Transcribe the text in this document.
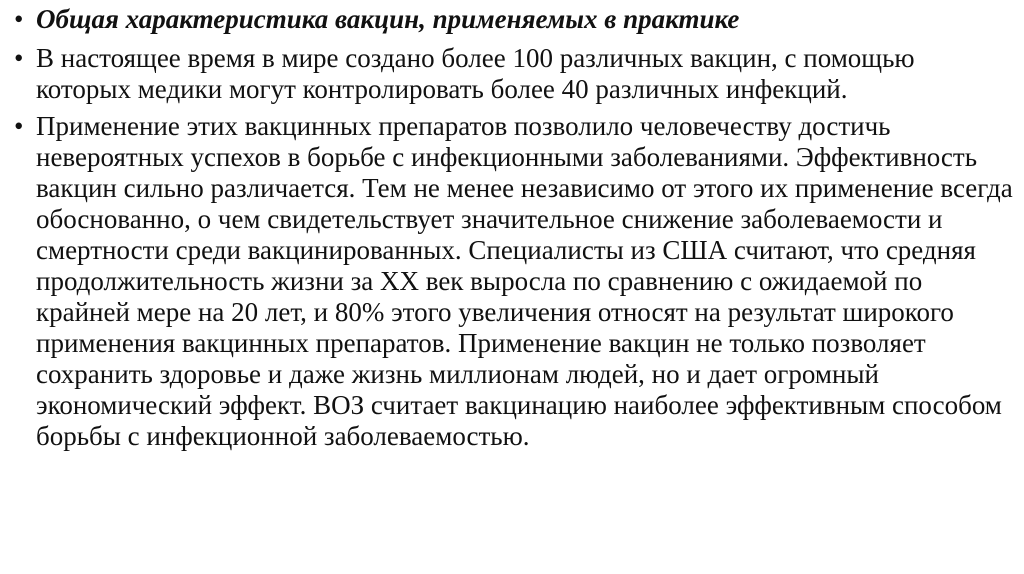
• Общая характеристика вакцин, применяемых в практике
• В настоящее время в мире создано более 100 различных вакцин, с помощью которых медики могут контролировать более 40 различных инфекций.
• Применение этих вакцинных препаратов позволило человечеству достичь невероятных успехов в борьбе с инфекционными заболеваниями. Эффективность вакцин сильно различается. Тем не менее независимо от этого их применение всегда обоснованно, о чем свидетельствует значительное снижение заболеваемости и смертности среди вакцинированных. Специалисты из США считают, что средняя продолжительность жизни за XX век выросла по сравнению с ожидаемой по крайней мере на 20 лет, и 80% этого увеличения относят на результат широкого применения вакцинных препаратов. Применение вакцин не только позволяет сохранить здоровье и даже жизнь миллионам людей, но и дает огромный экономический эффект. ВОЗ считает вакцинацию наиболее эффективным способом борьбы с инфекционной заболеваемостью.
